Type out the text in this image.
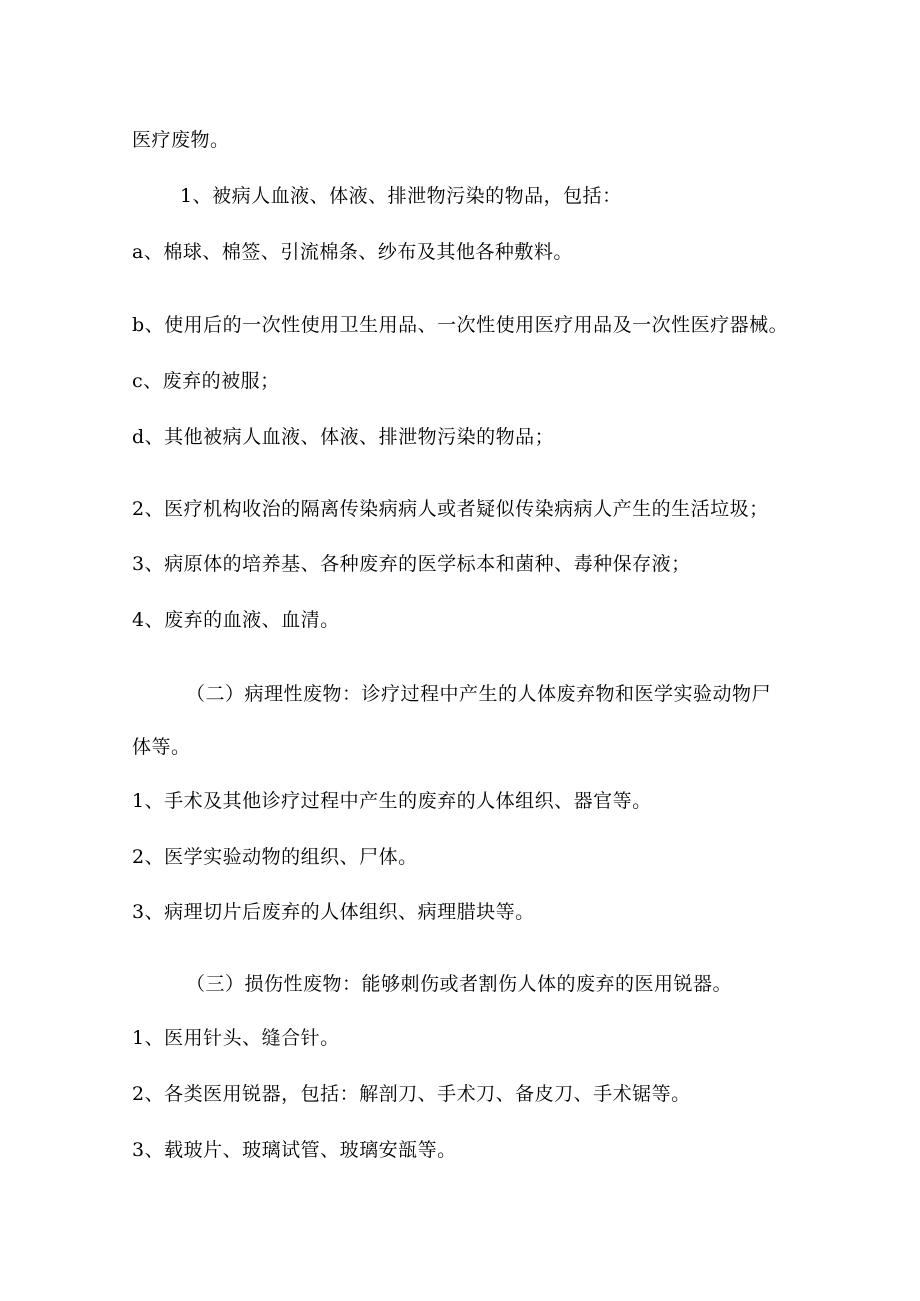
医疗废物。
1、被病人血液、体液、排泄物污染的物品，包括：
a、棉球、棉签、引流棉条、纱布及其他各种敷料。
b、使用后的一次性使用卫生用品、一次性使用医疗用品及一次性医疗器械。
c、废弃的被服；
d、其他被病人血液、体液、排泄物污染的物品；
2、医疗机构收治的隔离传染病病人或者疑似传染病病人产生的生活垃圾；
3、病原体的培养基、各种废弃的医学标本和菌种、毒种保存液；
4、废弃的血液、血清。
（二）病理性废物：诊疗过程中产生的人体废弃物和医学实验动物尸
体等。
1、手术及其他诊疗过程中产生的废弃的人体组织、器官等。
2、医学实验动物的组织、尸体。
3、病理切片后废弃的人体组织、病理腊块等。
（三）损伤性废物：能够刺伤或者割伤人体的废弃的医用锐器。
1、医用针头、缝合针。
2、各类医用锐器，包括：解剖刀、手术刀、备皮刀、手术锯等。
3、载玻片、玻璃试管、玻璃安瓿等。
